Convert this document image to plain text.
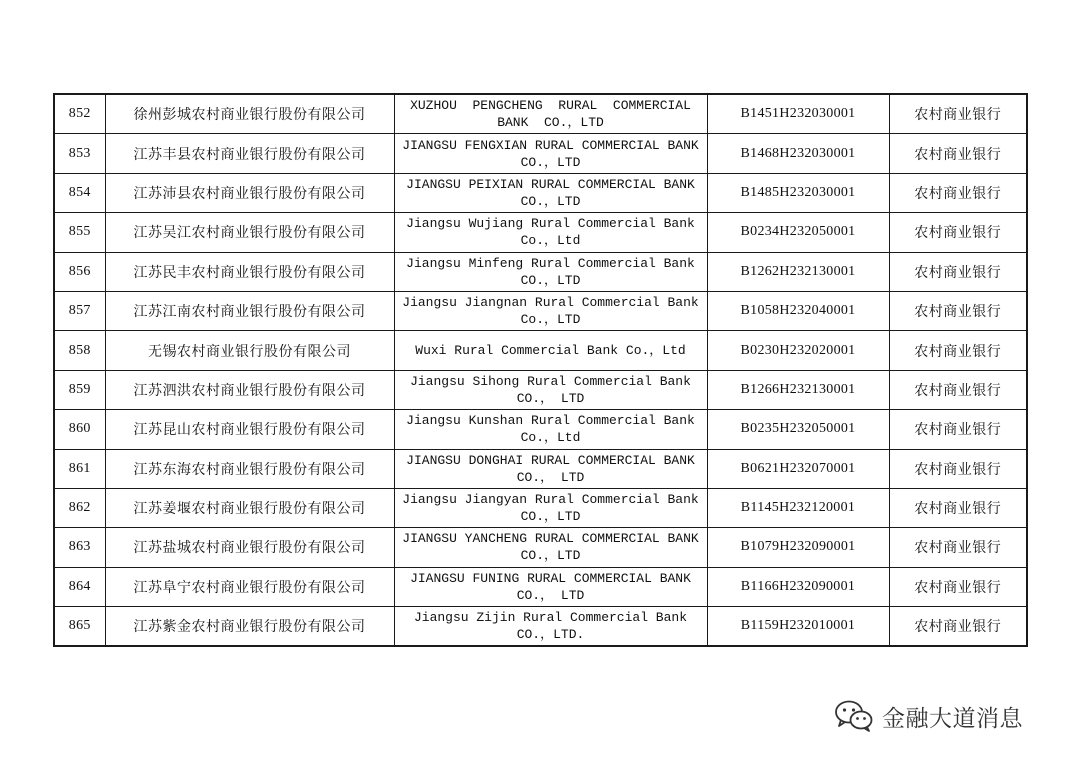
852	徐州彭城农村商业银行股份有限公司	XUZHOU  PENGCHENG  RURAL  COMMERCIAL
BANK  CO.，LTD	B1451H232030001	农村商业银行
853	江苏丰县农村商业银行股份有限公司	JIANGSU FENGXIAN RURAL COMMERCIAL BANK
CO.，LTD	B1468H232030001	农村商业银行
854	江苏沛县农村商业银行股份有限公司	JIANGSU PEIXIAN RURAL COMMERCIAL BANK
CO.，LTD	B1485H232030001	农村商业银行
855	江苏吴江农村商业银行股份有限公司	Jiangsu Wujiang Rural Commercial Bank
Co.，Ltd	B0234H232050001	农村商业银行
856	江苏民丰农村商业银行股份有限公司	Jiangsu Minfeng Rural Commercial Bank
CO.，LTD	B1262H232130001	农村商业银行
857	江苏江南农村商业银行股份有限公司	Jiangsu Jiangnan Rural Commercial Bank
Co.，LTD	B1058H232040001	农村商业银行
858	无锡农村商业银行股份有限公司	Wuxi Rural Commercial Bank Co.，Ltd	B0230H232020001	农村商业银行
859	江苏泗洪农村商业银行股份有限公司	Jiangsu Sihong Rural Commercial Bank
CO.， LTD	B1266H232130001	农村商业银行
860	江苏昆山农村商业银行股份有限公司	Jiangsu Kunshan Rural Commercial Bank
Co.，Ltd	B0235H232050001	农村商业银行
861	江苏东海农村商业银行股份有限公司	JIANGSU DONGHAI RURAL COMMERCIAL BANK
CO.， LTD	B0621H232070001	农村商业银行
862	江苏姜堰农村商业银行股份有限公司	Jiangsu Jiangyan Rural Commercial Bank
CO.，LTD	B1145H232120001	农村商业银行
863	江苏盐城农村商业银行股份有限公司	JIANGSU YANCHENG RURAL COMMERCIAL BANK
CO.，LTD	B1079H232090001	农村商业银行
864	江苏阜宁农村商业银行股份有限公司	JIANGSU FUNING RURAL COMMERCIAL BANK
CO.， LTD	B1166H232090001	农村商业银行
865	江苏紫金农村商业银行股份有限公司	Jiangsu Zijin Rural Commercial Bank
CO.，LTD.	B1159H232010001	农村商业银行
金融大道消息
